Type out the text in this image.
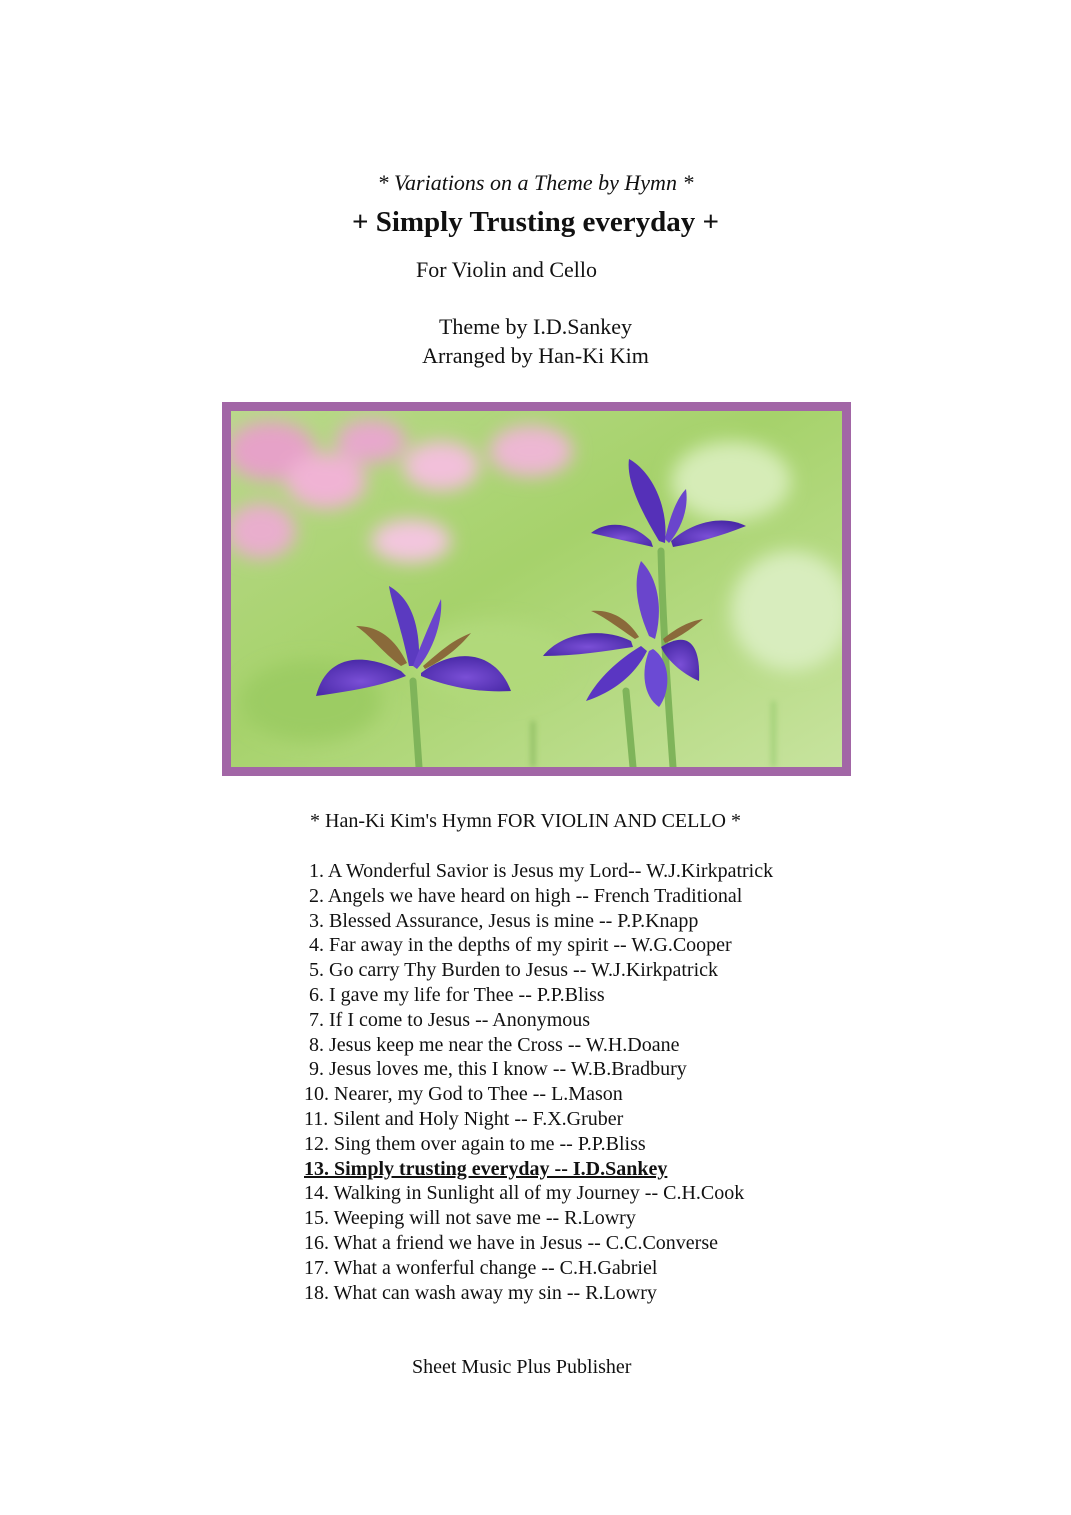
* Variations on a Theme by Hymn *
+ Simply Trusting everyday +
For Violin and Cello
Theme by I.D.Sankey
Arranged by Han-Ki Kim
* Han-Ki Kim's Hymn FOR VIOLIN AND CELLO *
1. A Wonderful Savior is Jesus my Lord-- W.J.Kirkpatrick
2. Angels we have heard on high -- French Traditional
3. Blessed Assurance, Jesus is mine -- P.P.Knapp
4. Far away in the depths of my spirit -- W.G.Cooper
5. Go carry Thy Burden to Jesus -- W.J.Kirkpatrick
6. I gave my life for Thee -- P.P.Bliss
7. If I come to Jesus -- Anonymous
8. Jesus keep me near the Cross -- W.H.Doane
9. Jesus loves me, this I know -- W.B.Bradbury
10. Nearer, my God to Thee -- L.Mason
11. Silent and Holy Night -- F.X.Gruber
12. Sing them over again to me -- P.P.Bliss
13. Simply trusting everyday -- I.D.Sankey
14. Walking in Sunlight all of my Journey -- C.H.Cook
15. Weeping will not save me -- R.Lowry
16. What a friend we have in Jesus -- C.C.Converse
17. What a wonferful change -- C.H.Gabriel
18. What can wash away my sin -- R.Lowry
Sheet Music Plus Publisher
